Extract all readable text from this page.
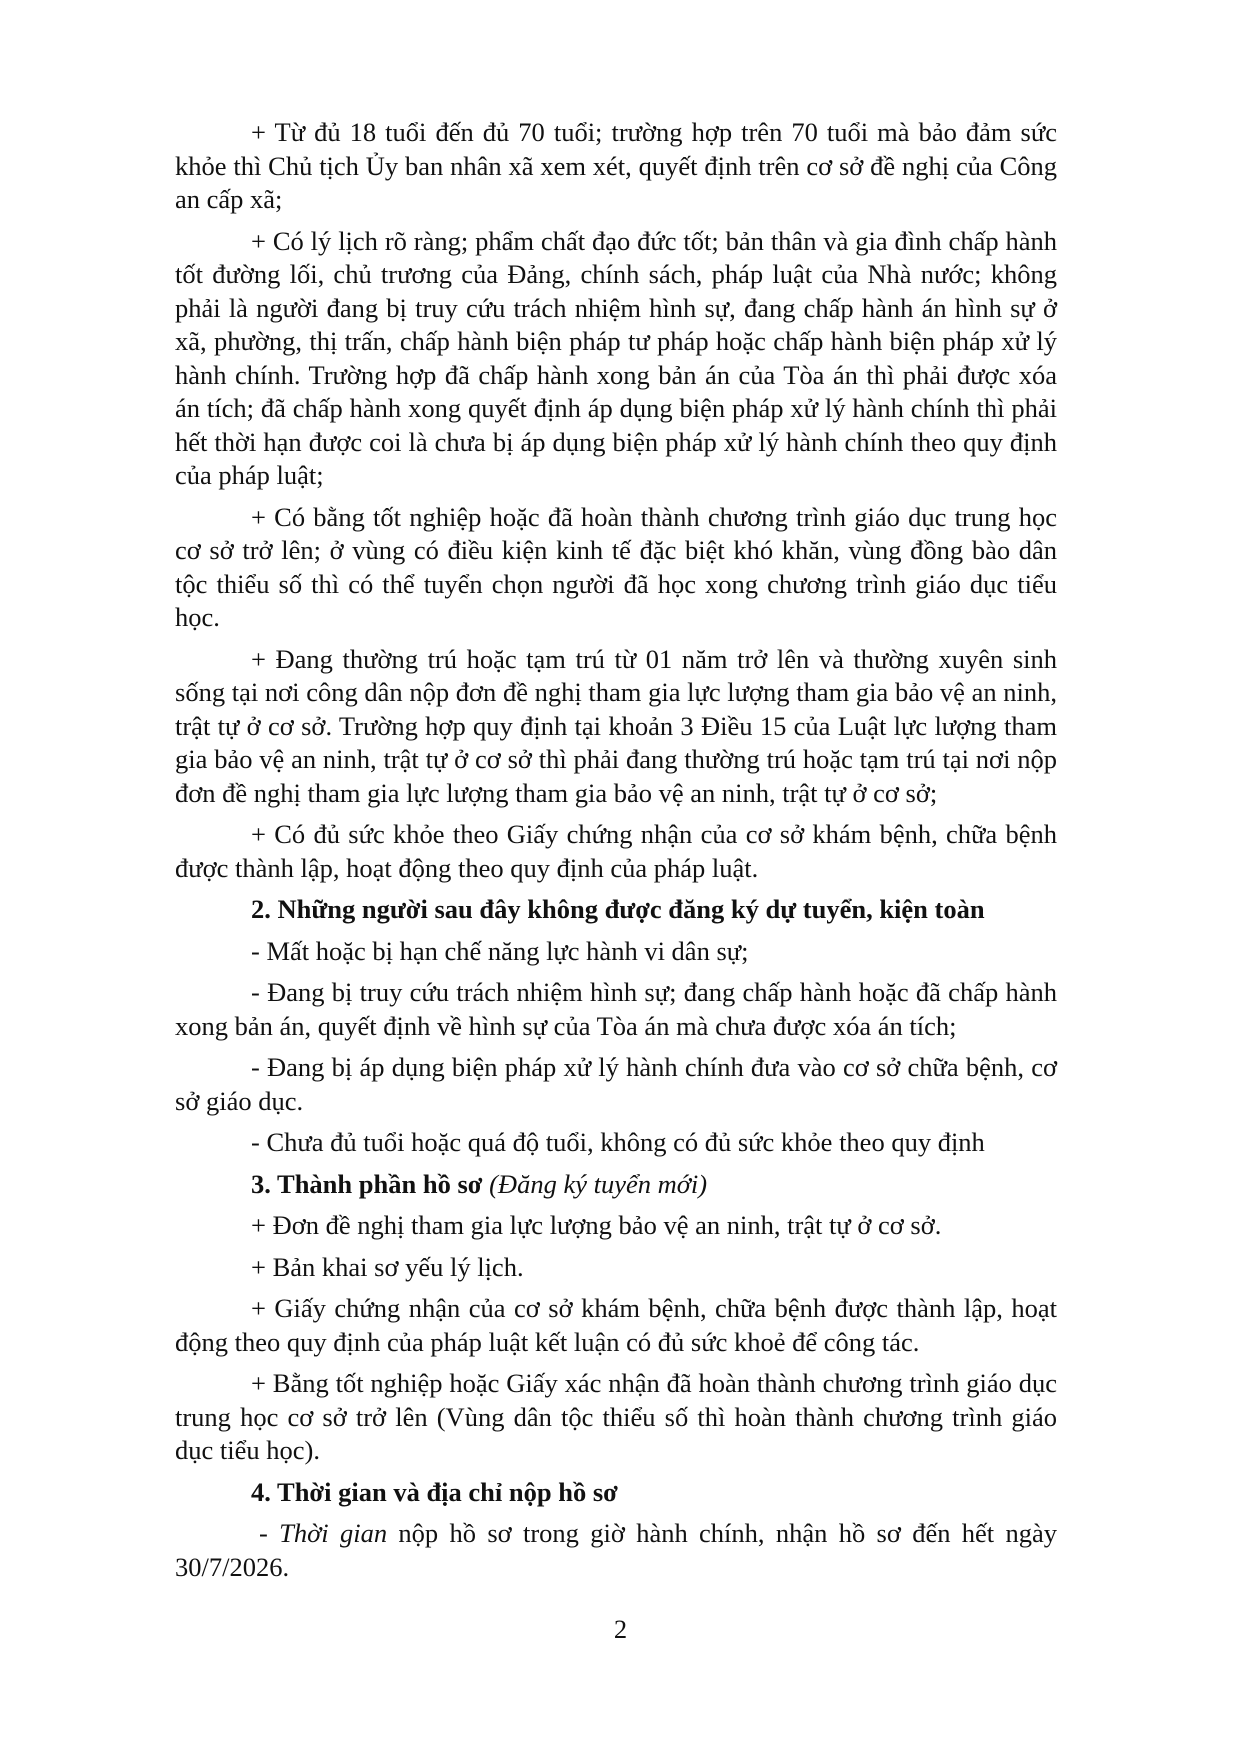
+ Từ đủ 18 tuổi đến đủ 70 tuổi; trường hợp trên 70 tuổi mà bảo đảm sức khỏe thì Chủ tịch Ủy ban nhân xã xem xét, quyết định trên cơ sở đề nghị của Công an cấp xã;

+ Có lý lịch rõ ràng; phẩm chất đạo đức tốt; bản thân và gia đình chấp hành tốt đường lối, chủ trương của Đảng, chính sách, pháp luật của Nhà nước; không phải là người đang bị truy cứu trách nhiệm hình sự, đang chấp hành án hình sự ở xã, phường, thị trấn, chấp hành biện pháp tư pháp hoặc chấp hành biện pháp xử lý hành chính. Trường hợp đã chấp hành xong bản án của Tòa án thì phải được xóa án tích; đã chấp hành xong quyết định áp dụng biện pháp xử lý hành chính thì phải hết thời hạn được coi là chưa bị áp dụng biện pháp xử lý hành chính theo quy định của pháp luật;

+ Có bằng tốt nghiệp hoặc đã hoàn thành chương trình giáo dục trung học cơ sở trở lên; ở vùng có điều kiện kinh tế đặc biệt khó khăn, vùng đồng bào dân tộc thiểu số thì có thể tuyển chọn người đã học xong chương trình giáo dục tiểu học.

+ Đang thường trú hoặc tạm trú từ 01 năm trở lên và thường xuyên sinh sống tại nơi công dân nộp đơn đề nghị tham gia lực lượng tham gia bảo vệ an ninh, trật tự ở cơ sở. Trường hợp quy định tại khoản 3 Điều 15 của Luật lực lượng tham gia bảo vệ an ninh, trật tự ở cơ sở thì phải đang thường trú hoặc tạm trú tại nơi nộp đơn đề nghị tham gia lực lượng tham gia bảo vệ an ninh, trật tự ở cơ sở;

+ Có đủ sức khỏe theo Giấy chứng nhận của cơ sở khám bệnh, chữa bệnh được thành lập, hoạt động theo quy định của pháp luật.

2. Những người sau đây không được đăng ký dự tuyển, kiện toàn

- Mất hoặc bị hạn chế năng lực hành vi dân sự;

- Đang bị truy cứu trách nhiệm hình sự; đang chấp hành hoặc đã chấp hành xong bản án, quyết định về hình sự của Tòa án mà chưa được xóa án tích;

- Đang bị áp dụng biện pháp xử lý hành chính đưa vào cơ sở chữa bệnh, cơ sở giáo dục.

- Chưa đủ tuổi hoặc quá độ tuổi, không có đủ sức khỏe theo quy định

3. Thành phần hồ sơ (Đăng ký tuyển mới)

+ Đơn đề nghị tham gia lực lượng bảo vệ an ninh, trật tự ở cơ sở.

+ Bản khai sơ yếu lý lịch.

+ Giấy chứng nhận của cơ sở khám bệnh, chữa bệnh được thành lập, hoạt động theo quy định của pháp luật kết luận có đủ sức khoẻ để công tác.

+ Bằng tốt nghiệp hoặc Giấy xác nhận đã hoàn thành chương trình giáo dục trung học cơ sở trở lên (Vùng dân tộc thiểu số thì hoàn thành chương trình giáo dục tiểu học).

4. Thời gian và địa chỉ nộp hồ sơ

- Thời gian nộp hồ sơ trong giờ hành chính, nhận hồ sơ đến hết ngày 30/7/2026.

2
